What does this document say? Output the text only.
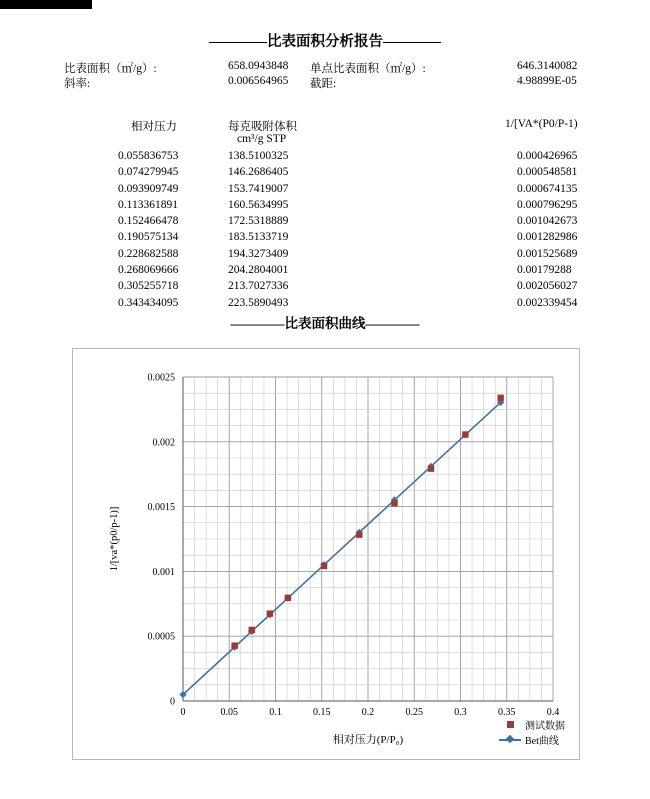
————比表面积分析报告————
比表面积（㎡/g）:	658.0943848 单点比表面积（㎡/g）:	646.3140082
斜率:	0.006564965 截距:	4.98899E-05
相对压力	每克吸附体积
cm³/g STP
1/[VA*(P0/P-1)
0.055836753	138.5100325	0.000426965
0.074279945	146.2686405	0.000548581
0.093909749	153.7419007	0.000674135
0.113361891	160.5634995	0.000796295
0.152466478	172.5318889	0.001042673
0.190575134	183.5133719	0.001282986
0.228682588	194.3273409	0.001525689
0.268069666	204.2804001	0.00179288
0.305255718	213.7027336	0.002056027
0.343434095	223.5890493	0.002339454
————比表面积曲线————
0	0.05	0.1	0.15	0.2	0.25	0.3	0.35	0.4
0
0.0005
0.001
0.0015
0.002
0.0025
1/[va*(p0/p-1)]
相对压力(P/P₀)
测试数据
Bet曲线
